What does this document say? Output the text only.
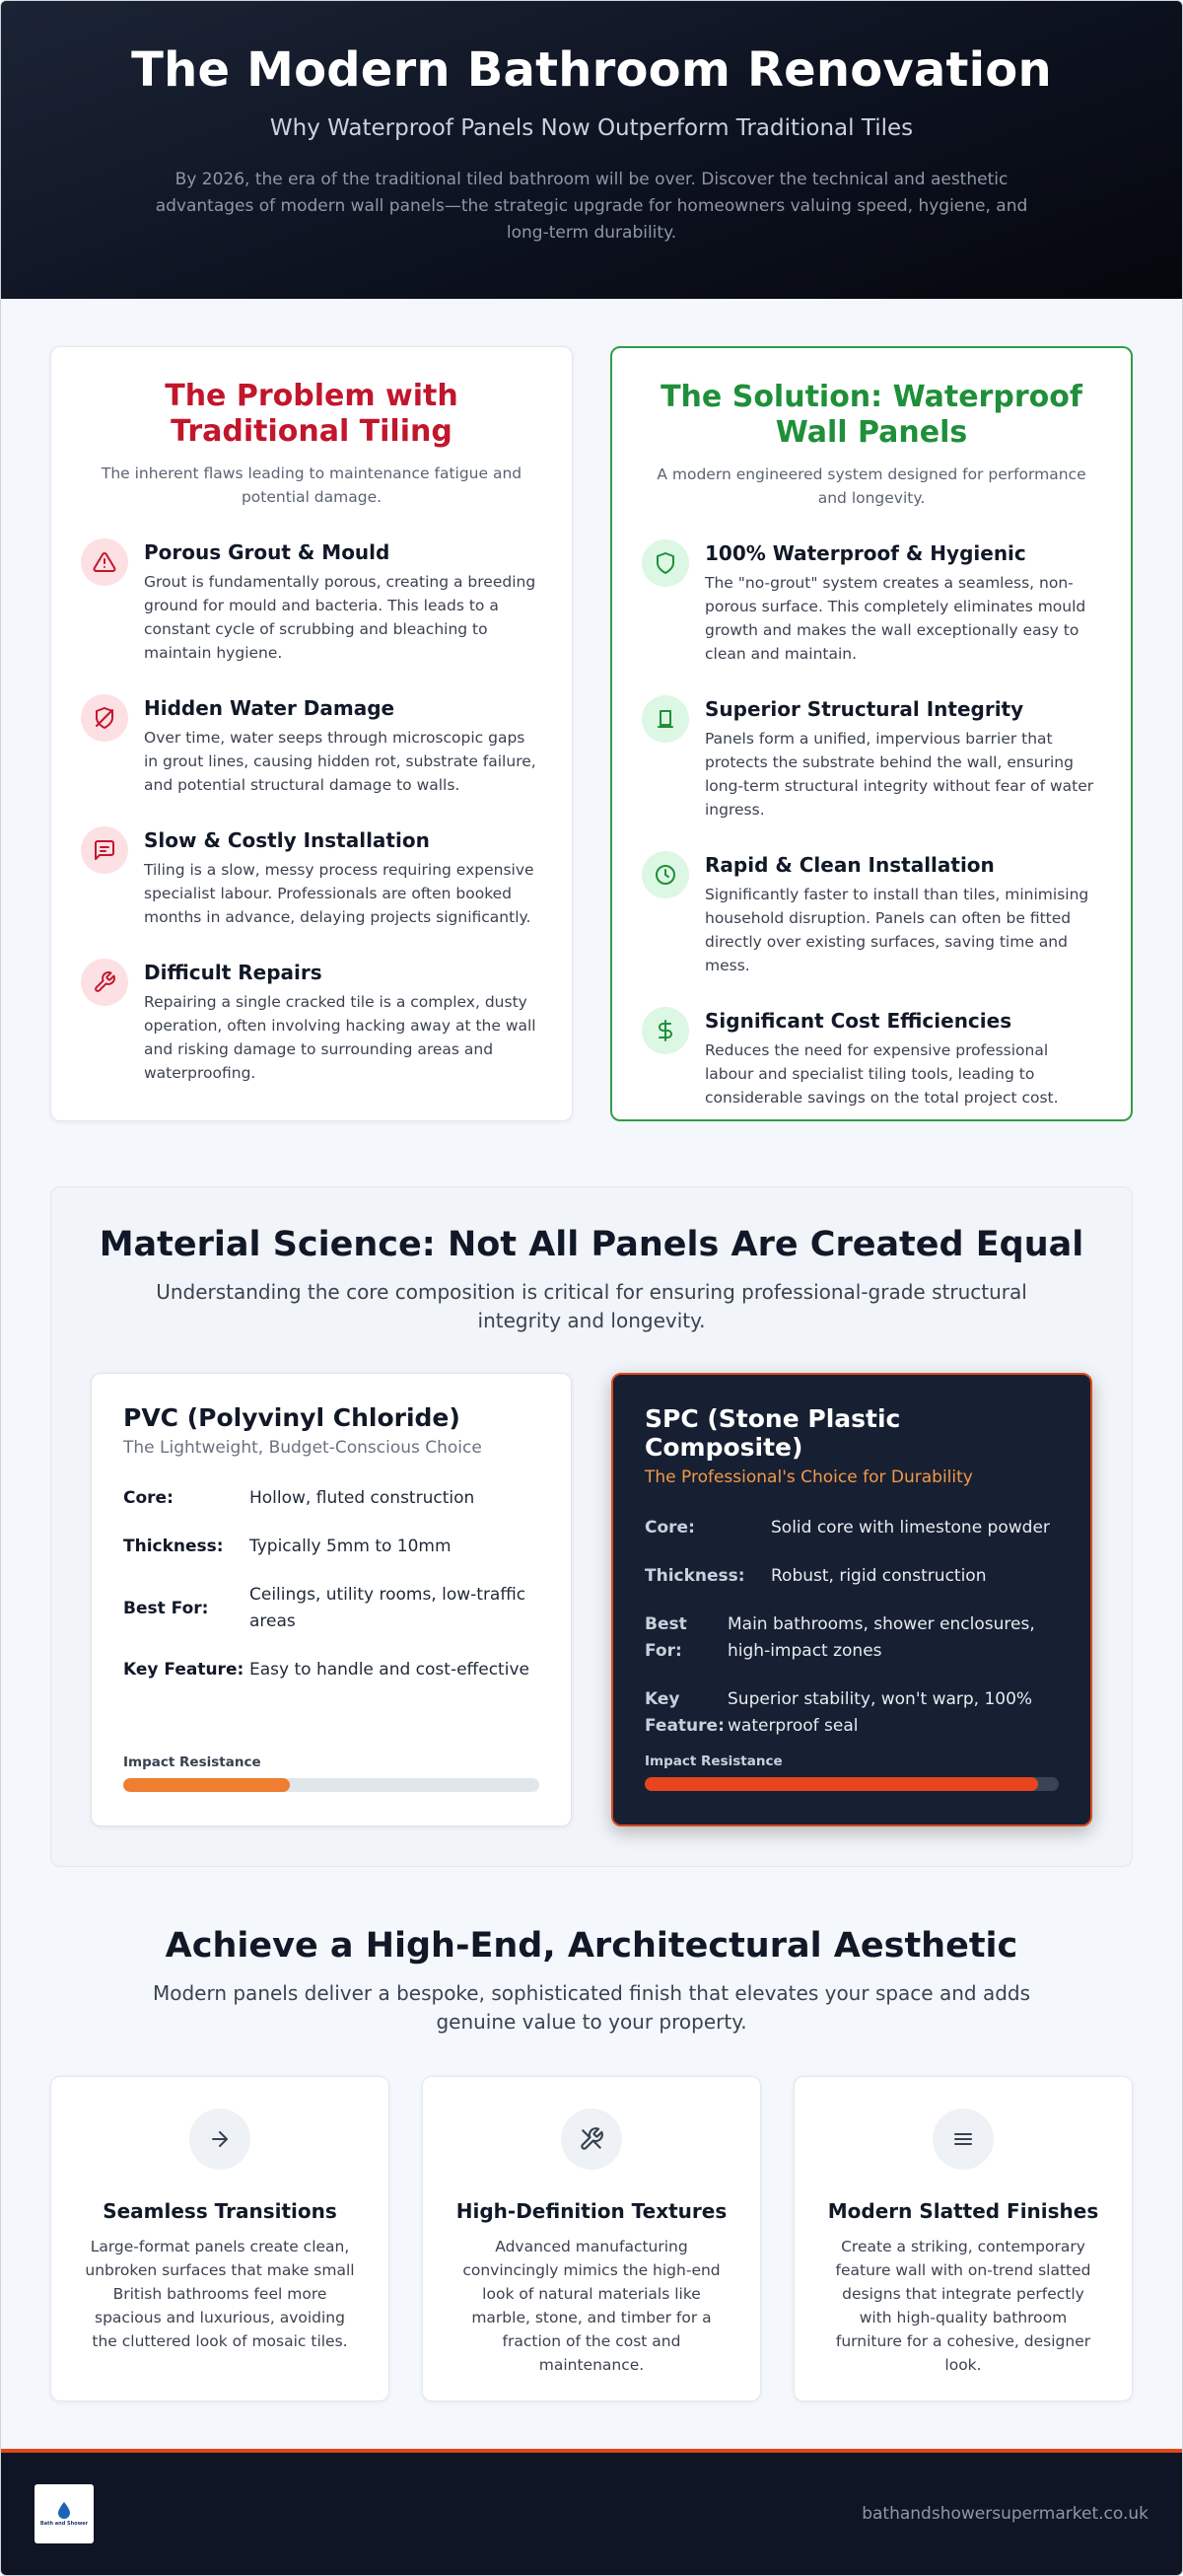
The Modern Bathroom Renovation
Why Waterproof Panels Now Outperform Traditional Tiles
By 2026, the era of the traditional tiled bathroom will be over. Discover the technical and aesthetic advantages of modern wall panels—the strategic upgrade for homeowners valuing speed, hygiene, and long-term durability.
The Problem with Traditional Tiling
The inherent flaws leading to maintenance fatigue and potential damage.
Porous Grout & Mould

Grout is fundamentally porous, creating a breeding ground for mould and bacteria. This leads to a constant cycle of scrubbing and bleaching to maintain hygiene.

Hidden Water Damage

Over time, water seeps through microscopic gaps in grout lines, causing hidden rot, substrate failure, and potential structural damage to walls.

Slow & Costly Installation

Tiling is a slow, messy process requiring expensive specialist labour. Professionals are often booked months in advance, delaying projects significantly.

Difficult Repairs

Repairing a single cracked tile is a complex, dusty operation, often involving hacking away at the wall and risking damage to surrounding areas and waterproofing.

The Solution: Waterproof Wall Panels
A modern engineered system designed for performance and longevity.
100% Waterproof & Hygienic

The "no-grout" system creates a seamless, non-porous surface. This completely eliminates mould growth and makes the wall exceptionally easy to clean and maintain.

Superior Structural Integrity

Panels form a unified, impervious barrier that protects the substrate behind the wall, ensuring long-term structural integrity without fear of water ingress.

Rapid & Clean Installation

Significantly faster to install than tiles, minimising household disruption. Panels can often be fitted directly over existing surfaces, saving time and mess.

Significant Cost Efficiencies

Reduces the need for expensive professional labour and specialist tiling tools, leading to considerable savings on the total project cost.

Material Science: Not All Panels Are Created Equal
Understanding the core composition is critical for ensuring professional-grade structural integrity and longevity.
PVC (Polyvinyl Chloride)
The Lightweight, Budget-Conscious Choice
Core:	Hollow, fluted construction
Thickness:	Typically 5mm to 10mm
Best For:
Ceilings, utility rooms, low-traffic areas
Key Feature: Easy to handle and cost-effective
Impact Resistance
SPC (Stone Plastic Composite)
The Professional's Choice for Durability
Core:	Solid core with limestone powder
Thickness:	Robust, rigid construction
Best For:
Main bathrooms, shower enclosures, high-impact zones
Key Feature:
Superior stability, won't warp, 100% waterproof seal
Impact Resistance
Achieve a High-End, Architectural Aesthetic
Modern panels deliver a bespoke, sophisticated finish that elevates your space and adds genuine value to your property.
Seamless Transitions

Large-format panels create clean, unbroken surfaces that make small British bathrooms feel more spacious and luxurious, avoiding the cluttered look of mosaic tiles.

High-Definition Textures

Advanced manufacturing convincingly mimics the high-end look of natural materials like marble, stone, and timber for a fraction of the cost and maintenance.

Modern Slatted Finishes

Create a striking, contemporary feature wall with on-trend slatted designs that integrate perfectly with high-quality bathroom furniture for a cohesive, designer look.

Bath and Shower	bathandshowersupermarket.co.uk
